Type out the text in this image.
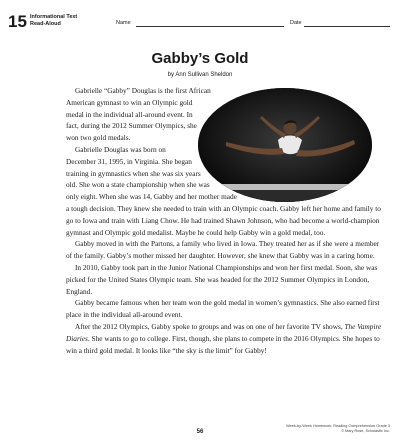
15 Informational Text
Read-Aloud	Name	Date
Gabby’s Gold
by Ann Sullivan Sheldon

Gabrielle “Gabby” Douglas is the first African American gymnast to win an Olympic gold medal in the individual all-around event. In fact, during the 2012 Summer Olympics, she won two gold medals.

Gabrielle Douglas was born on December 31, 1995, in Virginia. She began training in gymnastics when she was six years old. She won a state championship when she was only eight. When she was 14, Gabby and her mother made a tough decision. They knew she needed to train with an Olympic coach. Gabby left her home and family to go to Iowa and train with Liang Chow. He had trained Shawn Johnson, who had become a world-champion gymnast and Olympic gold medalist. Maybe he could help Gabby win a gold medal, too.

Gabby moved in with the Partons, a family who lived in Iowa. They treated her as if she were a member of the family. Gabby’s mother missed her daughter. However, she knew that Gabby was in a caring home.

In 2010, Gabby took part in the Junior National Championships and won her first medal. Soon, she was picked for the United States Olympic team. She was headed for the 2012 Summer Olympics in London, England.

Gabby became famous when her team won the gold medal in women’s gymnastics. She also earned first place in the individual all-around event.

After the 2012 Olympics, Gabby spoke to groups and was on one of her favorite TV shows, The Vampire Diaries. She wants to go to college. First, though, she plans to compete in the 2016 Olympics. She hopes to win a third gold medal. It looks like “the sky is the limit” for Gabby!

56
Week-by-Week Homework: Reading Comprehension Grade 3
© Mary Rose, Scholastic Inc.
